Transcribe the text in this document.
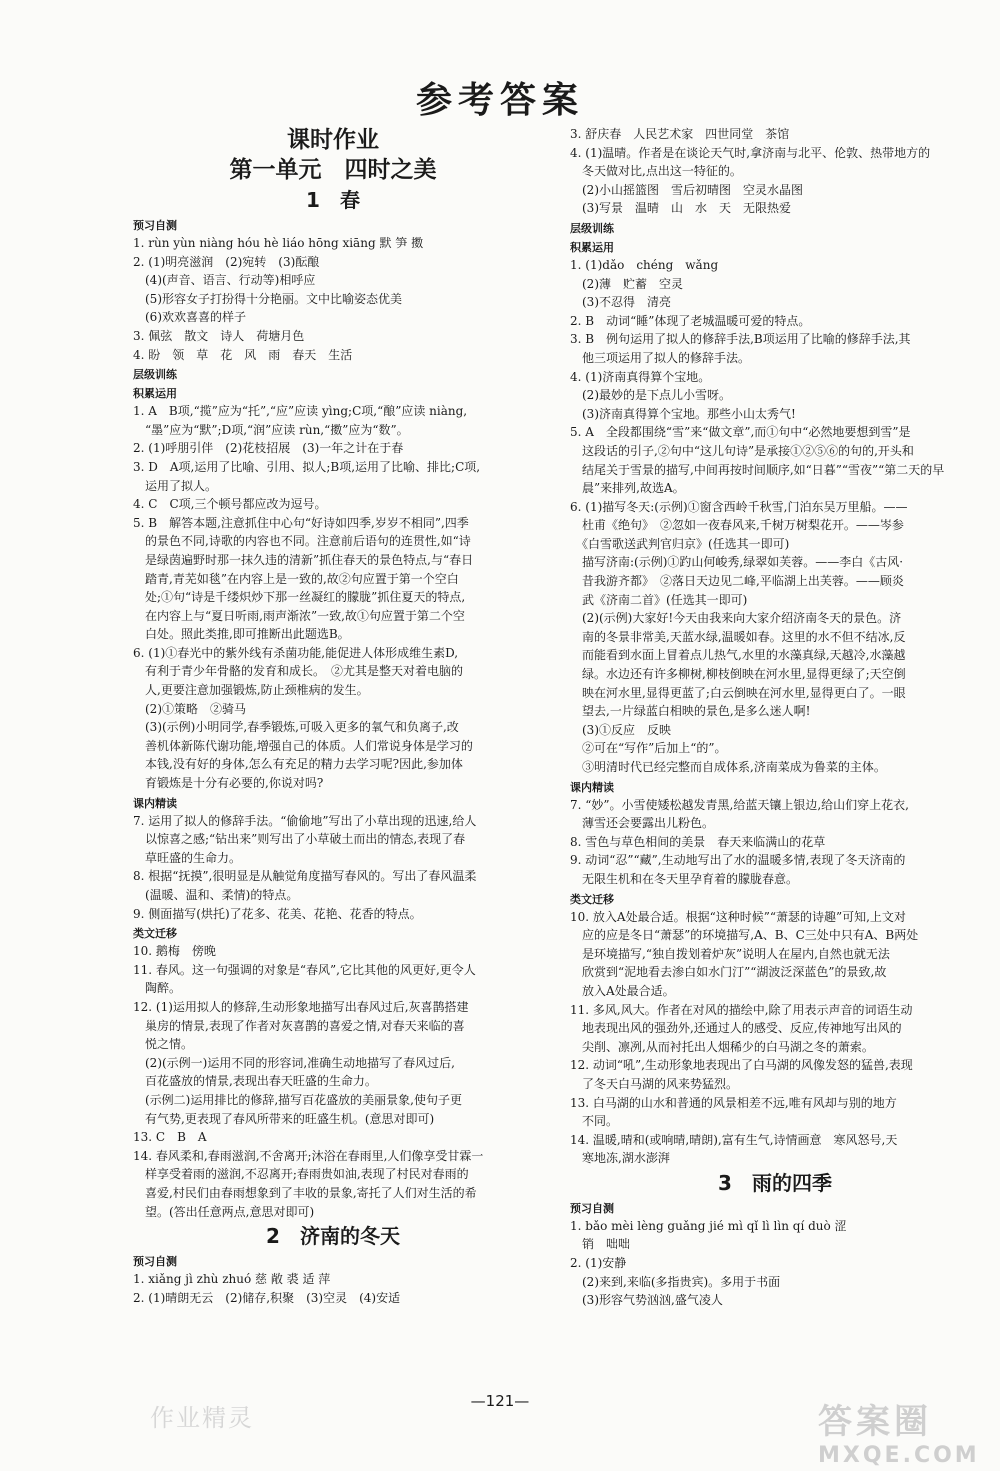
参考答案
课时作业
第一单元　四时之美
1　春
预习自测
1. rùn yùn niàng hóu hè liáo hōng xiāng 默 笋 擞
2. (1)明亮滋润　(2)宛转　(3)酝酿
　(4)(声音、语言、行动等)相呼应
　(5)形容女子打扮得十分艳丽。文中比喻姿态优美
　(6)欢欢喜喜的样子
3. 佩弦　散文　诗人　荷塘月色
4. 盼　领　草　花　风　雨　春天　生活
层级训练
积累运用
1. A　B项,“揽”应为“托”,“应”应读 yìng;C项,“酿”应读 niàng,
　“墨”应为“默”;D项,“润”应读 rùn,“擞”应为“数”。
2. (1)呼朋引伴　(2)花枝招展　(3)一年之计在于春
3. D　A项,运用了比喻、引用、拟人;B项,运用了比喻、排比;C项,
　运用了拟人。
4. C　C项,三个顿号都应改为逗号。
5. B　解答本题,注意抓住中心句“好诗如四季,岁岁不相同”,四季
　的景色不同,诗歌的内容也不同。注意前后语句的连贯性,如“诗
　是绿茵遍野时那一抹久违的清新”抓住春天的景色特点,与“春日
　踏青,青芜如毯”在内容上是一致的,故②句应置于第一个空白
　处;①句“诗是千缕炽炒下那一丝凝红的朦胧”抓住夏天的特点,
　在内容上与“夏日听雨,雨声渐浓”一致,故①句应置于第二个空
　白处。照此类推,即可推断出此题选B。
6. (1)①春光中的紫外线有杀菌功能,能促进人体形成维生素D,
　有利于青少年骨骼的发育和成长。　②尤其是整天对着电脑的
　人,更要注意加强锻炼,防止颈椎病的发生。
　(2)①策略　②骑马
　(3)(示例)小明同学,春季锻炼,可吸入更多的氧气和负离子,改
　善机体新陈代谢功能,增强自己的体质。人们常说身体是学习的
　本钱,没有好的身体,怎么有充足的精力去学习呢?因此,参加体
　育锻炼是十分有必要的,你说对吗?
课内精读
7. 运用了拟人的修辞手法。“偷偷地”写出了小草出现的迅速,给人
　以惊喜之感;“钻出来”则写出了小草破土而出的情态,表现了春
　草旺盛的生命力。
8. 根据“抚摸”,很明显是从触觉角度描写春风的。写出了春风温柔
　(温暖、温和、柔情)的特点。
9. 侧面描写(烘托)了花多、花美、花艳、花香的特点。
类文迁移
10. 鹅梅　傍晚
11. 春风。这一句强调的对象是“春风”,它比其他的风更好,更令人
　陶醉。
12. (1)运用拟人的修辞,生动形象地描写出春风过后,灰喜鹊搭建
　巢房的情景,表现了作者对灰喜鹊的喜爱之情,对春天来临的喜
　悦之情。
　(2)(示例一)运用不同的形容词,准确生动地描写了春风过后,
　百花盛放的情景,表现出春天旺盛的生命力。
　(示例二)运用排比的修辞,描写百花盛放的美丽景象,使句子更
　有气势,更表现了春风所带来的旺盛生机。(意思对即可)
13. C　B　A
14. 春风柔和,春雨滋润,不舍离开;沐浴在春雨里,人们像享受甘霖一
　样享受着雨的滋润,不忍离开;春雨贵如油,表现了村民对春雨的
　喜爱,村民们由春雨想象到了丰收的景象,寄托了人们对生活的希
　望。(答出任意两点,意思对即可)
2　济南的冬天
预习自测
1. xiǎng jì zhù zhuó 慈 敞 裘 适 萍
2. (1)晴朗无云　(2)储存,积聚　(3)空灵　(4)安适
3. 舒庆春　人民艺术家　四世同堂　茶馆
4. (1)温晴。作者是在谈论天气时,拿济南与北平、伦敦、热带地方的
　冬天做对比,点出这一特征的。
　(2)小山摇篮图　雪后初晴图　空灵水晶图
　(3)写景　温晴　山　水　天　无限热爱
层级训练
积累运用
1. (1)dǎo　chéng　wǎng
　(2)薄　贮蓄　空灵
　(3)不忍得　清亮
2. B　动词“睡”体现了老城温暖可爱的特点。
3. B　例句运用了拟人的修辞手法,B项运用了比喻的修辞手法,其
　他三项运用了拟人的修辞手法。
4. (1)济南真得算个宝地。
　(2)最妙的是下点儿小雪呀。
　(3)济南真得算个宝地。那些小山太秀气!
5. A　全段都围绕“雪”来“做文章”,而①句中“必然地要想到雪”是
　这段话的引子,②句中“这儿句诗”是承接①②⑤⑥的句的,开头和
　结尾关于雪景的描写,中间再按时间顺序,如“日暮”“雪夜”“第二天的早
　晨”来排列,故选A。
6. (1)描写冬天:(示例)①窗含西岭千秋雪,门泊东吴万里船。——
　杜甫《绝句》　②忽如一夜春风来,千树万树梨花开。——岑参
　《白雪歌送武判官归京》(任选其一即可)
　描写济南:(示例)①趵山何峻秀,绿翠如芙蓉。——李白《古风·
　昔我游齐都》　②落日天边见二峰,平临湖上出芙蓉。——顾炎
　武《济南二首》(任选其一即可)
　(2)(示例)大家好!今天由我来向大家介绍济南冬天的景色。济
　南的冬景非常美,天蓝水绿,温暖如春。这里的水不但不结冰,反
　而能看到水面上冒着点儿热气,水里的水藻真绿,天越冷,水藻越
　绿。水边还有许多柳树,柳枝倒映在河水里,显得更绿了;天空倒
　映在河水里,显得更蓝了;白云倒映在河水里,显得更白了。一眼
　望去,一片绿蓝白相映的景色,是多么迷人啊!
　(3)①反应　反映
　②可在“写作”后加上“的”。
　③明清时代已经完整而自成体系,济南菜成为鲁菜的主体。
课内精读
7. “妙”。小雪使矮松越发青黑,给蓝天镶上银边,给山们穿上花衣,
　薄雪还会要露出儿粉色。
8. 雪色与草色相间的美景　春天来临满山的花草
9. 动词“忍”“藏”,生动地写出了水的温暖多情,表现了冬天济南的
　无限生机和在冬天里孕育着的朦胧春意。
类文迁移
10. 放入A处最合适。根据“这种时候”“萧瑟的诗趣”可知,上文对
　应的应是冬日“萧瑟”的环境描写,A、B、C三处中只有A、B两处
　是环境描写,“独自拨划着炉灰”说明人在屋内,自然也就无法
　欣赏到“泥地看去渗白如水门汀”“湖波泛深蓝色”的景致,故
　放入A处最合适。
11. 多风,风大。作者在对风的描绘中,除了用表示声音的词语生动
　地表现出风的强劲外,还通过人的感受、反应,传神地写出风的
　尖削、凛冽,从而衬托出人烟稀少的白马湖之冬的萧索。
12. 动词“吼”,生动形象地表现出了白马湖的风像发怒的猛兽,表现
　了冬天白马湖的风来势猛烈。
13. 白马湖的山水和普通的风景相差不远,唯有风却与别的地方
　不同。
14. 温暖,晴和(或响晴,晴朗),富有生气,诗情画意　寒风怒号,天
　寒地冻,湖水澎湃
3　雨的四季
预习自测
1. bǎo mèi lèng guǎng jié mì qǐ lì lìn qí duò 涩
　销　咄咄
2. (1)安静
　(2)来到,来临(多指贵宾)。多用于书面
　(3)形容气势汹汹,盛气凌人
—121—
作业精灵	答案圈
MXQE.COM
